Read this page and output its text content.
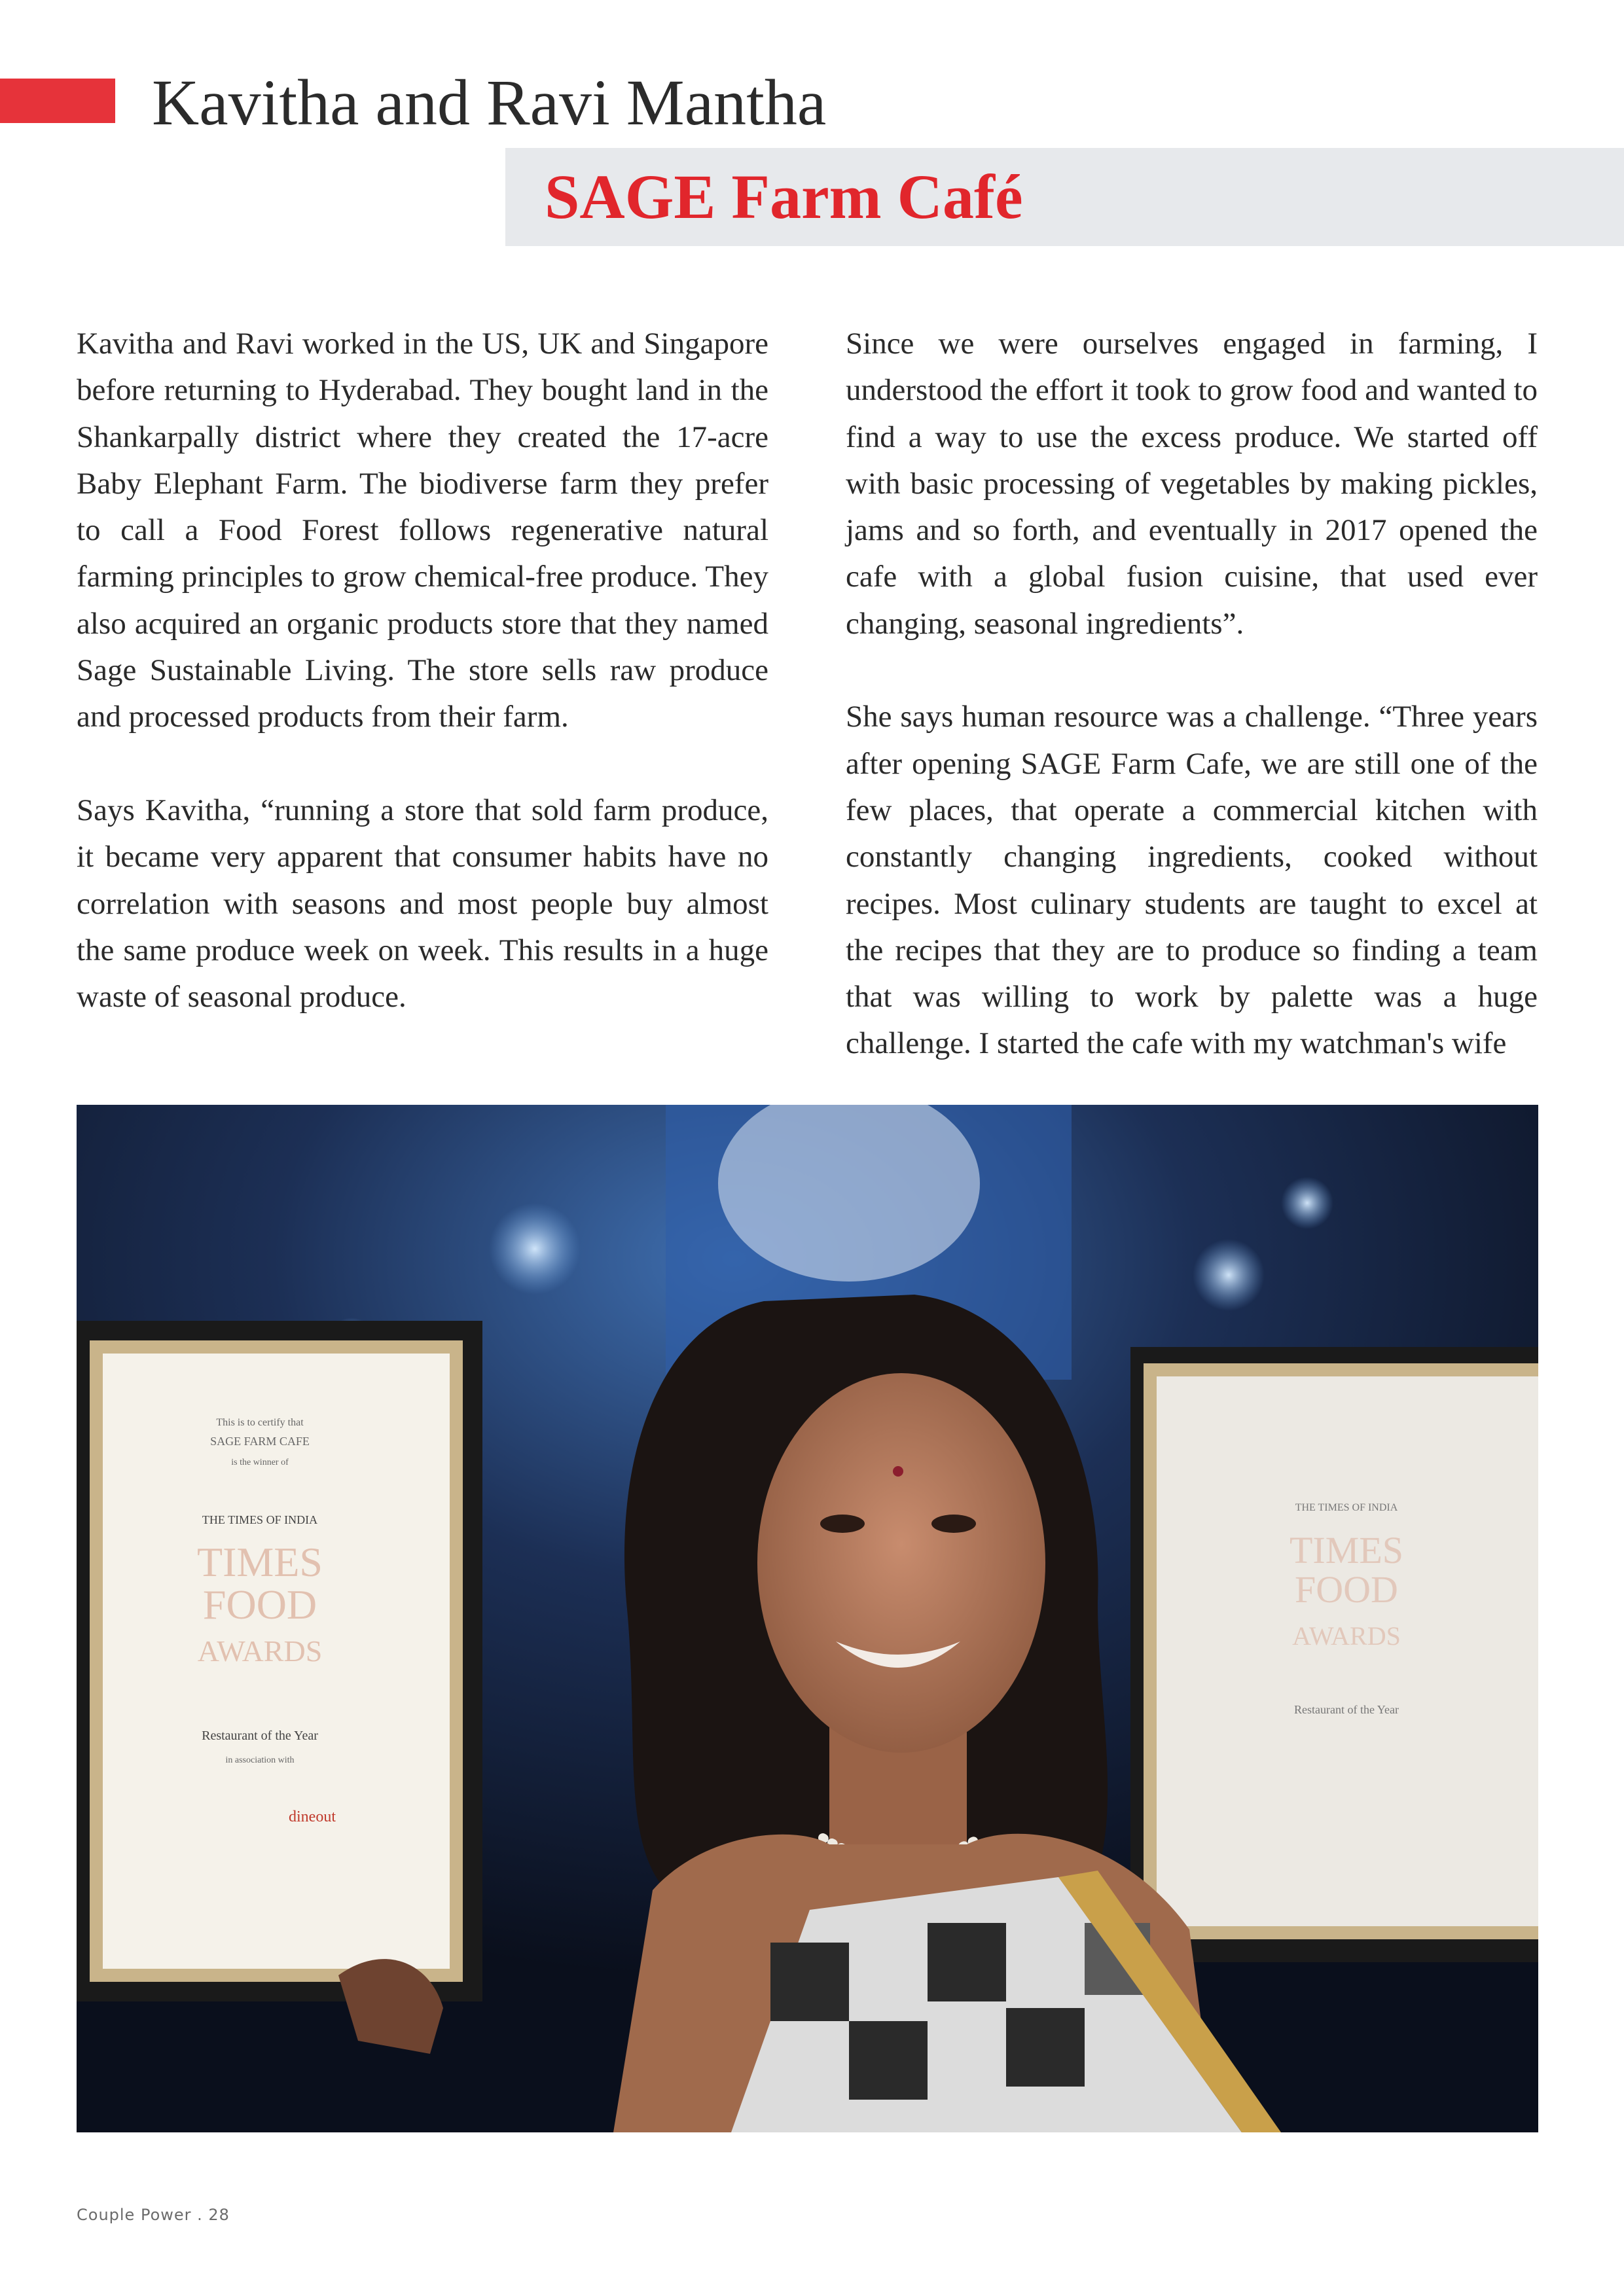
Kavitha and Ravi Mantha
SAGE Farm Café

Kavitha and Ravi worked in the US, UK and Singapore before returning to Hyderabad. They bought land in the Shankarpally district where they created the 17-acre Baby Elephant Farm. The biodiverse farm they prefer to call a Food Forest follows regenerative natural farming principles to grow chemical-free produce. They also acquired an organic products store that they named Sage Sustainable Living. The store sells raw produce and processed products from their farm.

Says Kavitha, “running a store that sold farm produce, it became very apparent that consumer habits have no correlation with seasons and most people buy almost the same produce week on week. This results in a huge waste of seasonal produce.

Since we were ourselves engaged in farming, I understood the effort it took to grow food and wanted to find a way to use the excess produce. We started off with basic processing of vegetables by making pickles, jams and so forth, and eventually in 2017 opened the cafe with a global fusion cuisine, that used ever changing, seasonal ingredients”.

She says human resource was a challenge. “Three years after opening SAGE Farm Cafe, we are still one of the few places, that operate a commercial kitchen with constantly changing ingredients, cooked without recipes. Most culinary students are taught to excel at the recipes that they are to produce so finding a team that was willing to work by palette was a huge challenge. I started the cafe with my watchman's wife

This is to certify that
SAGE FARM CAFE
is the winner of
THE TIMES OF INDIA
TIMES
FOOD
AWARDS
Restaurant of the Year
in association with
dineout
THE TIMES OF INDIA
TIMES
FOOD
AWARDS
Restaurant of the Year
Couple Power . 28
